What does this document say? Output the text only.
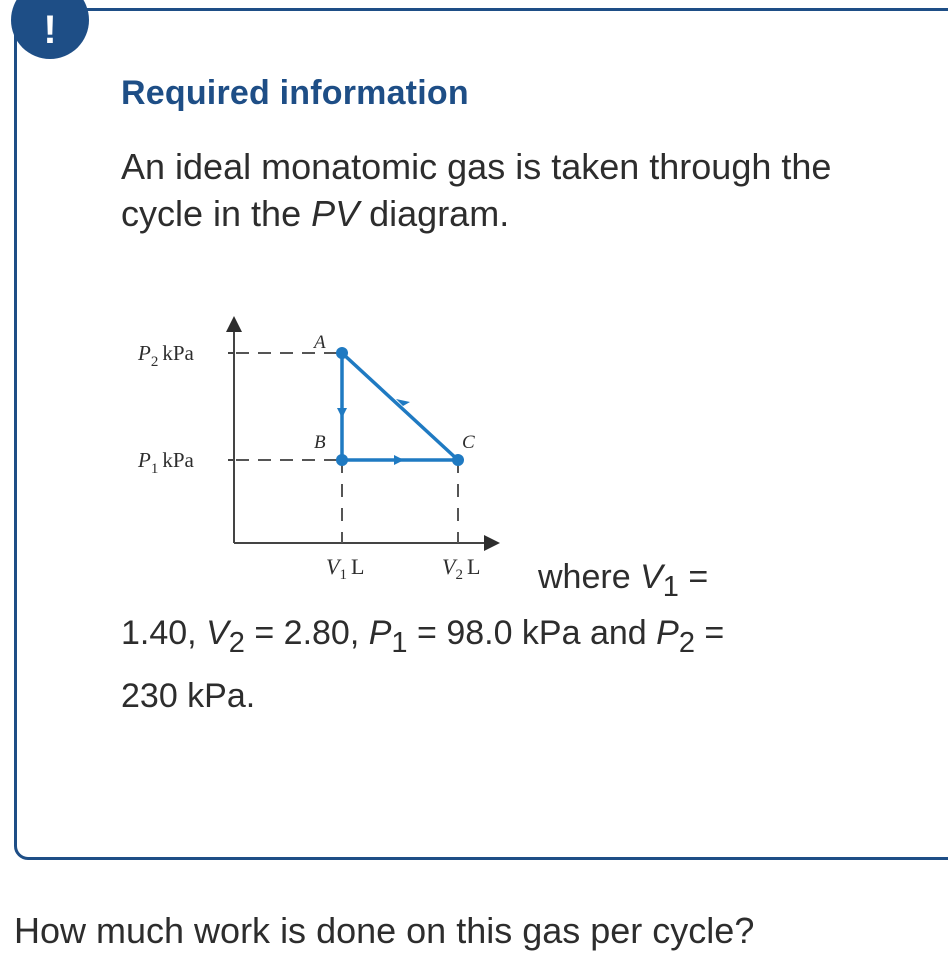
!
Required information

An ideal monatomic gas is taken through the cycle in the PV diagram.

$P_2$ kPa
$P_1$ kPa
A
B	C
$V_1$ L	$V_2$ L where V1 =

1.40, V2 = 2.80, P1 = 98.0 kPa and P2 =
230 kPa.

How much work is done on this gas per cycle?
